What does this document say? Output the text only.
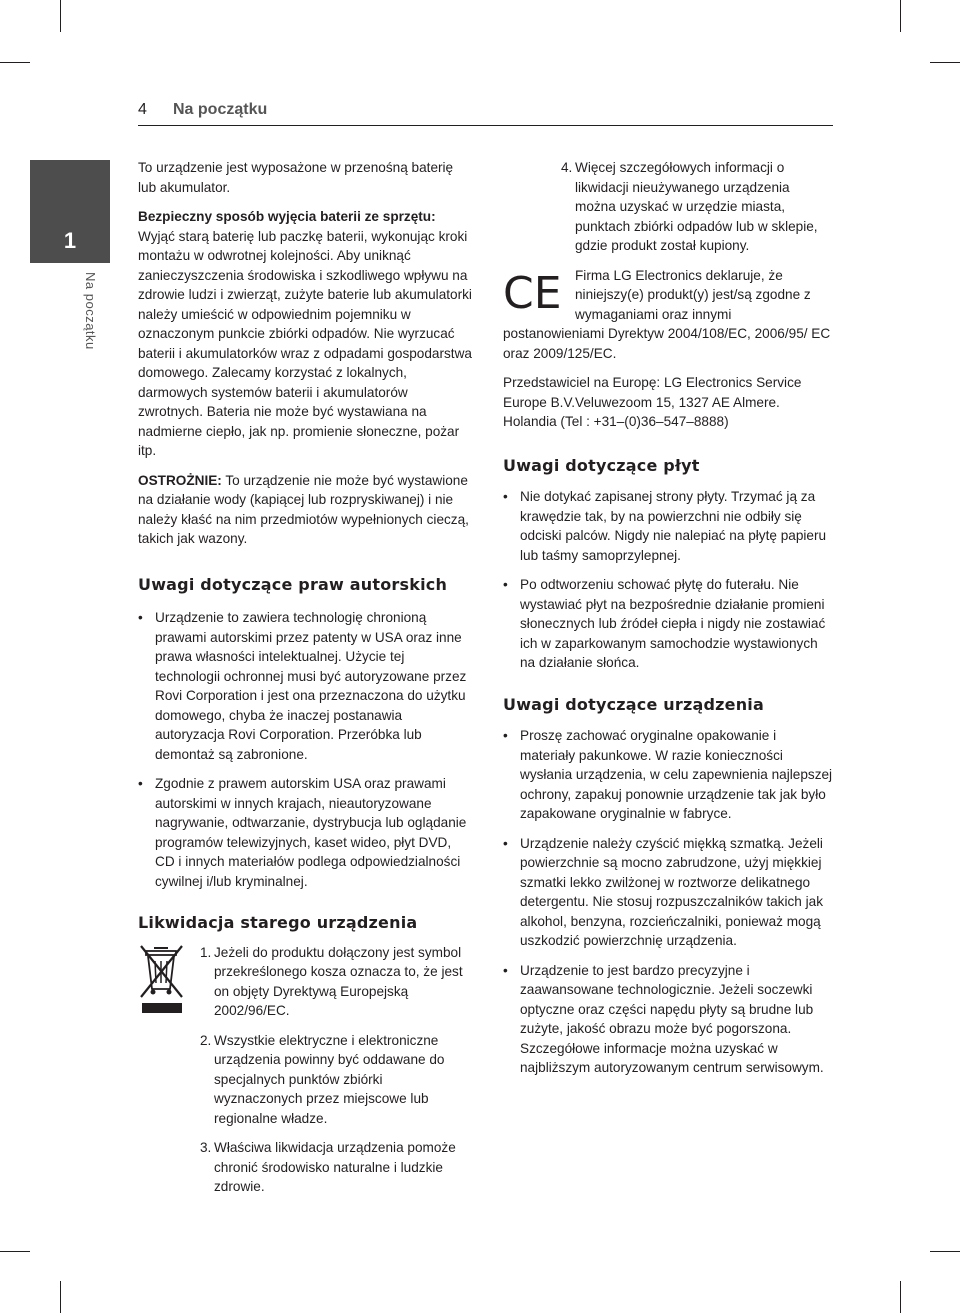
4 Na początku
1
Na początku

To urządzenie jest wyposażone w przenośną baterię lub akumulator.

Bezpieczny sposób wyjęcia baterii ze sprzętu:

Wyjąć starą baterię lub paczkę baterii, wykonując kroki montażu w odwrotnej kolejności. Aby uniknąć zanieczyszczenia środowiska i szkodliwego wpływu na zdrowie ludzi i zwierząt, zużyte baterie lub akumulatorki należy umieścić w odpowiednim pojemniku w oznaczonym punkcie zbiórki odpadów. Nie wyrzucać baterii i akumulatorków wraz z odpadami gospodarstwa domowego. Zalecamy korzystać z lokalnych, darmowych systemów baterii i akumulatorów zwrotnych. Bateria nie może być wystawiana na nadmierne ciepło, jak np. promienie słoneczne, pożar itp.

OSTROŻNIE: To urządzenie nie może być wystawione na działanie wody (kapiącej lub rozpryskiwanej) i nie należy kłaść na nim przedmiotów wypełnionych cieczą, takich jak wazony.

Uwagi dotyczące praw autorskich

• Urządzenie to zawiera technologię chronioną prawami autorskimi przez patenty w USA oraz inne prawa własności intelektualnej. Użycie tej technologii ochronnej musi być autoryzowane przez Rovi Corporation i jest ona przeznaczona do użytku domowego, chyba że inaczej postanawia autoryzacja Rovi Corporation. Przeróbka lub demontaż są zabronione.
• Zgodnie z prawem autorskim USA oraz prawami autorskimi w innych krajach, nieautoryzowane nagrywanie, odtwarzanie, dystrybucja lub oglądanie programów telewizyjnych, kaset wideo, płyt DVD, CD i innych materiałów podlega odpowiedzialności cywilnej i/lub kryminalnej.

Likwidacja starego urządzenia

1. Jeżeli do produktu dołączony jest symbol przekreślonego kosza oznacza to, że jest on objęty Dyrektywą Europejską 2002/96/EC.
2. Wszystkie elektryczne i elektroniczne urządzenia powinny być oddawane do specjalnych punktów zbiórki wyznaczonych przez miejscowe lub regionalne władze.
3. Właściwa likwidacja urządzenia pomoże chronić środowisko naturalne i ludzkie zdrowie.
4. Więcej szczegółowych informacji o likwidacji nieużywanego urządzenia można uzyskać w urzędzie miasta, punktach zbiórki odpadów lub w sklepie, gdzie produkt został kupiony.
CE Firma LG Electronics deklaruje, że niniejszy(e) produkt(y) jest/są zgodne z wymaganiami oraz innymi postanowieniami Dyrektyw 2004/108/EC, 2006/95/ EC oraz 2009/125/EC.

Przedstawiciel na Europę: LG Electronics Service Europe B.V.Veluwezoom 15, 1327 AE Almere. Holandia (Tel : +31–(0)36–547–8888)

Uwagi dotyczące płyt

• Nie dotykać zapisanej strony płyty. Trzymać ją za krawędzie tak, by na powierzchni nie odbiły się odciski palców. Nigdy nie nalepiać na płytę papieru lub taśmy samoprzylepnej.
• Po odtworzeniu schować płytę do futerału. Nie wystawiać płyt na bezpośrednie działanie promieni słonecznych lub źródeł ciepła i nigdy nie zostawiać ich w zaparkowanym samochodzie wystawionych na działanie słońca.

Uwagi dotyczące urządzenia

• Proszę zachować oryginalne opakowanie i materiały pakunkowe. W razie konieczności wysłania urządzenia, w celu zapewnienia najlepszej ochrony, zapakuj ponownie urządzenie tak jak było zapakowane oryginalnie w fabryce.
• Urządzenie należy czyścić miękką szmatką. Jeżeli powierzchnie są mocno zabrudzone, użyj miękkiej szmatki lekko zwilżonej w roztworze delikatnego detergentu. Nie stosuj rozpuszczalników takich jak alkohol, benzyna, rozcieńczalniki, ponieważ mogą uszkodzić powierzchnię urządzenia.
• Urządzenie to jest bardzo precyzyjne i zaawansowane technologicznie. Jeżeli soczewki optyczne oraz części napędu płyty są brudne lub zużyte, jakość obrazu może być pogorszona. Szczegółowe informacje można uzyskać w najbliższym autoryzowanym centrum serwisowym.
